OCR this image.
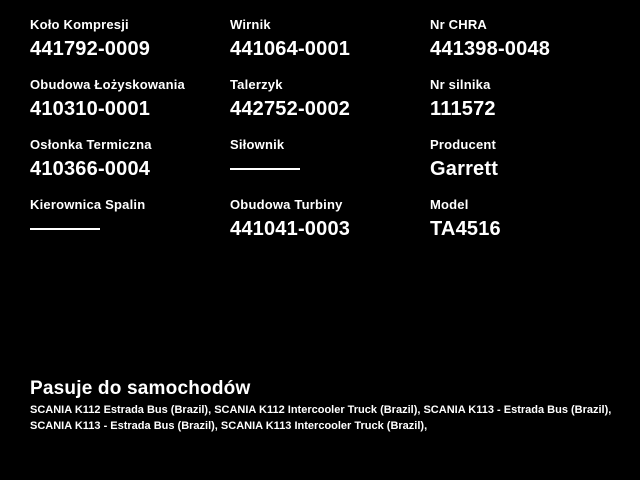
Koło Kompresji
441792-0009
Wirnik
441064-0001
Nr CHRA
441398-0048
Obudowa Łożyskowania
410310-0001
Talerzyk
442752-0002
Nr silnika
111572
Osłonka Termiczna
410366-0004
Siłownik	Producent
Garrett
Kierownica Spalin	Obudowa Turbiny
441041-0003
Model
TA4516
Pasuje do samochodów
SCANIA K112 Estrada Bus (Brazil), SCANIA K112 Intercooler Truck (Brazil), SCANIA K113 - Estrada Bus (Brazil),
SCANIA K113 - Estrada Bus (Brazil), SCANIA K113 Intercooler Truck (Brazil),
